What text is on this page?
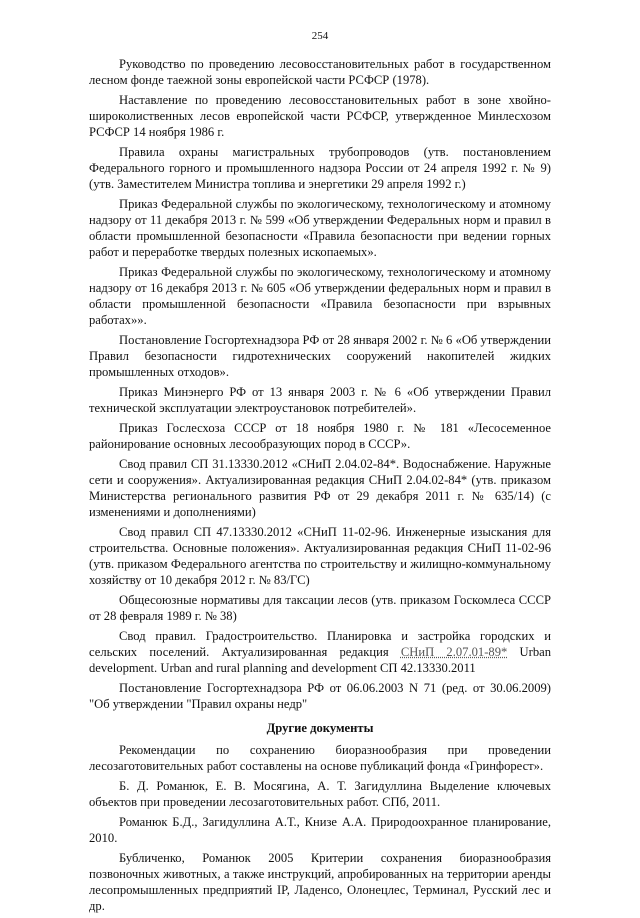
254

Руководство по проведению лесовосстановительных работ в государственном лесном фонде таежной зоны европейской части РСФСР (1978).

Наставление по проведению лесовосстановительных работ в зоне хвойно-широколиственных лесов европейской части РСФСР, утвержденное Минлесхозом РСФСР 14 ноября 1986 г.

Правила охраны магистральных трубопроводов (утв. постановлением Федерального горного и промышленного надзора России от 24 апреля 1992 г. № 9)(утв. Заместителем Министра топлива и энергетики 29 апреля 1992 г.)

Приказ Федеральной службы по экологическому, технологическому и атомному надзору от 11 декабря 2013 г. № 599 «Об утверждении Федеральных норм и правил в области промышленной безопасности «Правила безопасности при ведении горных работ и переработке твердых полезных ископаемых».

Приказ Федеральной службы по экологическому, технологическому и атомному надзору от 16 декабря 2013 г. № 605 «Об утверждении федеральных норм и правил в области промышленной безопасности «Правила безопасности при взрывных работах»».

Постановление Госгортехнадзора РФ от 28 января 2002 г. № 6 «Об утверждении Правил безопасности гидротехнических сооружений накопителей жидких промышленных отходов».

Приказ Минэнерго РФ от 13 января 2003 г. № 6 «Об утверждении Правил технической эксплуатации электроустановок потребителей».

Приказ Гослесхоза СССР от 18 ноября 1980 г. № 181 «Лесосеменное районирование основных лесообразующих пород в СССР».

Свод правил СП 31.13330.2012 «СНиП 2.04.02-84*. Водоснабжение. Наружные сети и сооружения». Актуализированная редакция СНиП 2.04.02-84* (утв. приказом Министерства регионального развития РФ от 29 декабря 2011 г. № 635/14) (с изменениями и дополнениями)

Свод правил СП 47.13330.2012 «СНиП 11-02-96. Инженерные изыскания для строительства. Основные положения». Актуализированная редакция СНиП 11-02-96 (утв. приказом Федерального агентства по строительству и жилищно-коммунальному хозяйству от 10 декабря 2012 г. № 83/ГС)

Общесоюзные нормативы для таксации лесов (утв. приказом Госкомлеса СССР от 28 февраля 1989 г. № 38)

Свод правил. Градостроительство. Планировка и застройка городских и сельских поселений. Актуализированная редакция СНиП 2.07.01-89* Urban development. Urban and rural planning and development СП 42.13330.2011

Постановление Госгортехнадзора РФ от 06.06.2003 N 71 (ред. от 30.06.2009) "Об утверждении "Правил охраны недр"

Другие документы

Рекомендации по сохранению биоразнообразия при проведении лесозаготовительных работ составлены на основе публикаций фонда «Гринфорест».

Б. Д. Романюк, Е. В. Мосягина, А. Т. Загидуллина Выделение ключевых объектов при проведении лесозаготовительных работ. СПб, 2011.

Романюк Б.Д., Загидуллина А.Т., Книзе А.А. Природоохранное планирование, 2010.

Бубличенко, Романюк 2005 Критерии сохранения биоразнообразия позвоночных животных, а также инструкций, апробированных на территории аренды лесопромышленных предприятий IP, Ладенсо, Олонецлес, Терминал, Русский лес и др.
